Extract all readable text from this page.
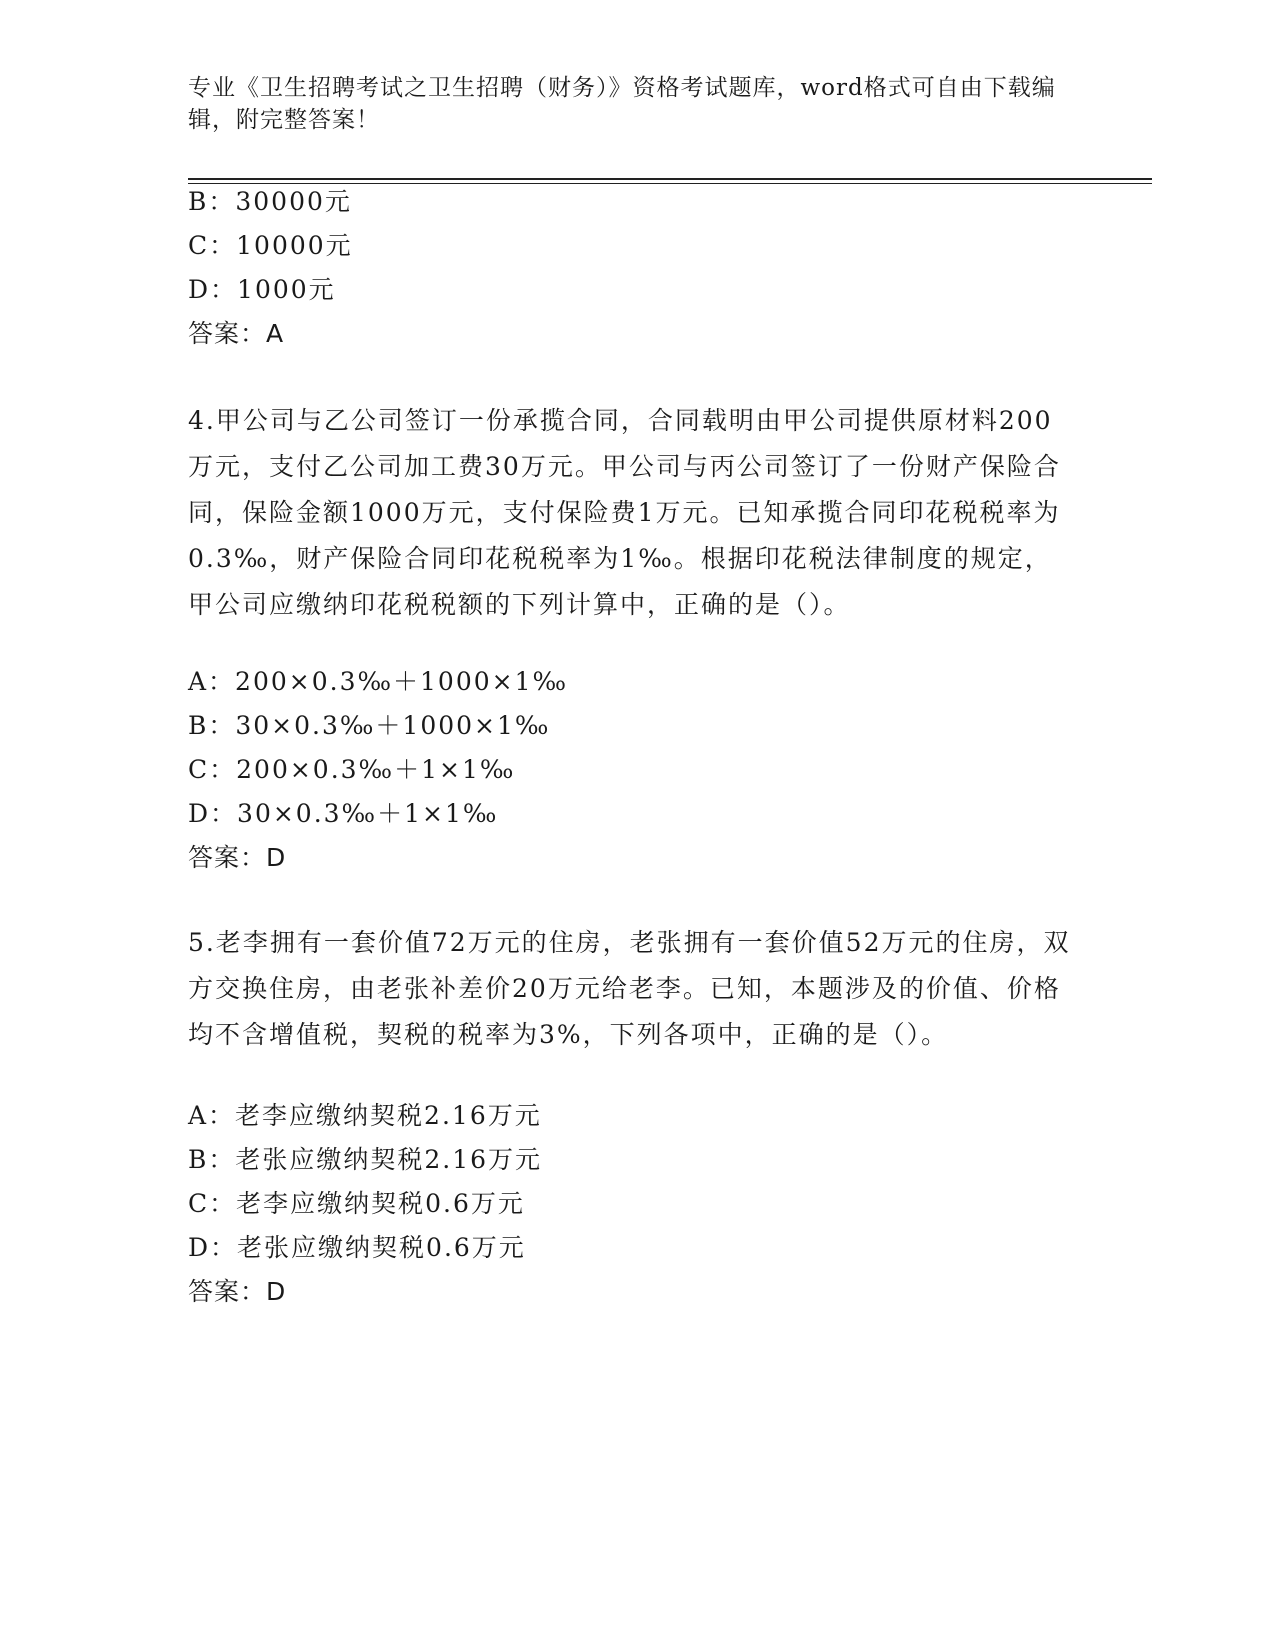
专业《卫生招聘考试之卫生招聘（财务）》资格考试题库，word格式可自由下载编辑，附完整答案！
B：30000元
C：10000元
D：1000元
答案：A
4.甲公司与乙公司签订一份承揽合同，合同载明由甲公司提供原材料200万元，支付乙公司加工费30万元。甲公司与丙公司签订了一份财产保险合同，保险金额1000万元，支付保险费1万元。已知承揽合同印花税税率为0.3‰，财产保险合同印花税税率为1‰。根据印花税法律制度的规定，甲公司应缴纳印花税税额的下列计算中，正确的是（）。
A：200×0.3‰＋1000×1‰
B：30×0.3‰＋1000×1‰
C：200×0.3‰＋1×1‰
D：30×0.3‰＋1×1‰
答案：D
5.老李拥有一套价值72万元的住房，老张拥有一套价值52万元的住房，双方交换住房，由老张补差价20万元给老李。已知，本题涉及的价值、价格均不含增值税，契税的税率为3%，下列各项中，正确的是（）。
A：老李应缴纳契税2.16万元
B：老张应缴纳契税2.16万元
C：老李应缴纳契税0.6万元
D：老张应缴纳契税0.6万元
答案：D
